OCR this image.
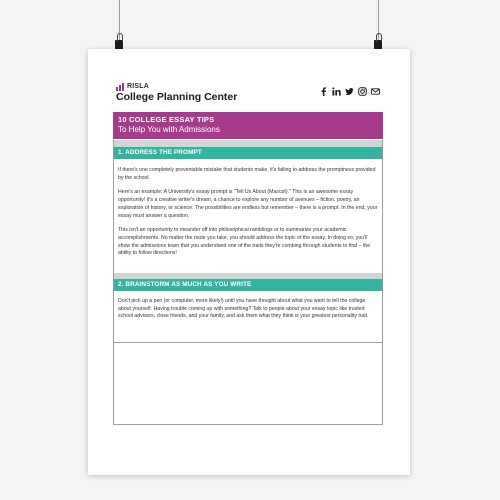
RISLA
College Planning Center
10 COLLEGE ESSAY TIPS
To Help You with Admissions
1. ADDRESS THE PROMPT

If there's one completely preventable mistake that students make, it's failing to address the promptness provided by the school.

Here's an example: A University's essay prompt is "Tell Us About (Mascot)." This is an awesome essay opportunity! It's a creative writer's dream, a chance to explore any number of avenues – fiction, poetry, an exploration of history, or science. The possibilities are endless but remember – there is a prompt. In the end, your essay must answer a question.

This isn't an opportunity to meander off into philosophical ramblings or to summarize your academic accomplishments. No matter the route you take, you should address the topic of the essay. In doing so, you'll show the admissions team that you understand one of the traits they're combing through students to find – the ability to follow directions!

2. BRAINSTORM AS MUCH AS YOU WRITE

Don't pick up a pen (or computer, more likely!) until you have thought about what you want to tell the college about yourself. Having trouble coming up with something? Talk to people about your essay topic like trusted school advisors, close friends, and your family, and ask them what they think is your greatest personality trait.
